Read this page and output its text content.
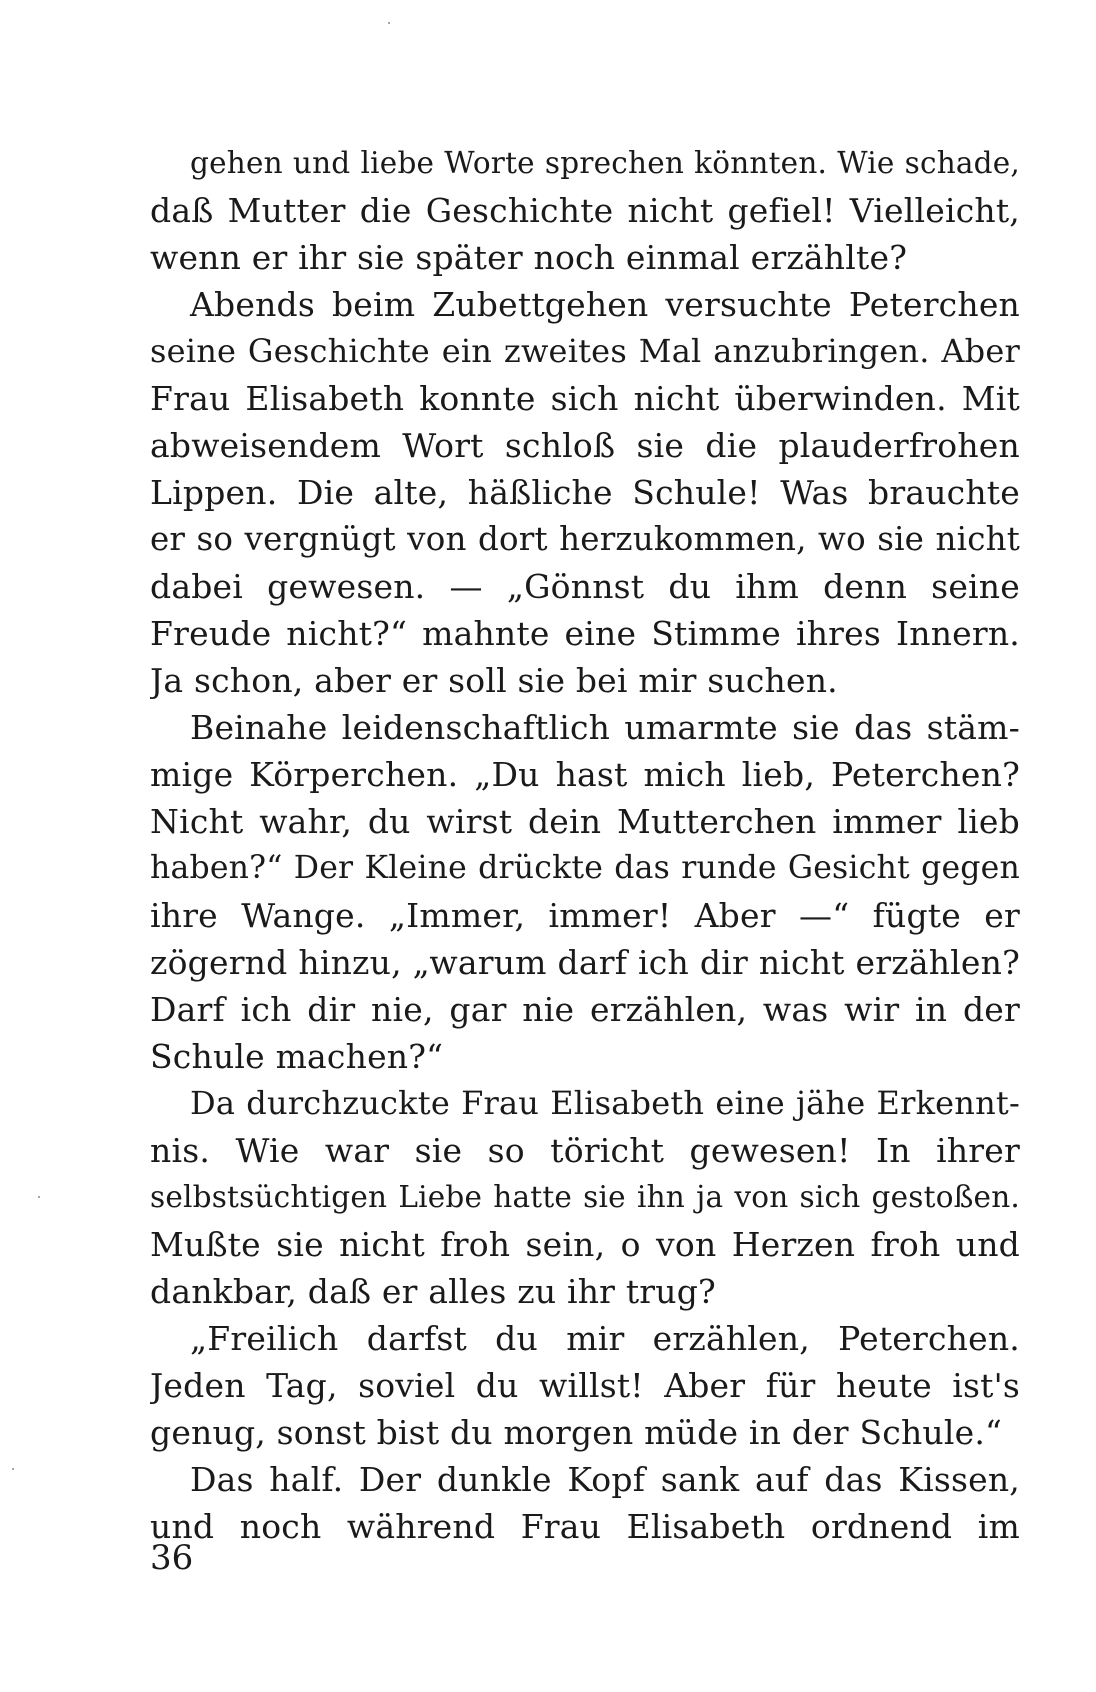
gehen und liebe Worte sprechen könnten. Wie schade,
daß Mutter die Geschichte nicht gefiel! Vielleicht,
wenn er ihr sie später noch einmal erzählte?
Abends beim Zubettgehen versuchte Peterchen
seine Geschichte ein zweites Mal anzubringen. Aber
Frau Elisabeth konnte sich nicht überwinden. Mit
abweisendem Wort schloß sie die plauderfrohen
Lippen. Die alte, häßliche Schule! Was brauchte
er so vergnügt von dort herzukommen, wo sie nicht
dabei gewesen. — „Gönnst du ihm denn seine
Freude nicht?“ mahnte eine Stimme ihres Innern.
Ja schon, aber er soll sie bei mir suchen.
Beinahe leidenschaftlich umarmte sie das stäm-
mige Körperchen. „Du hast mich lieb, Peterchen?
Nicht wahr, du wirst dein Mutterchen immer lieb
haben?“ Der Kleine drückte das runde Gesicht gegen
ihre Wange. „Immer, immer! Aber —“ fügte er
zögernd hinzu, „warum darf ich dir nicht erzählen?
Darf ich dir nie, gar nie erzählen, was wir in der
Schule machen?“
Da durchzuckte Frau Elisabeth eine jähe Erkennt-
nis. Wie war sie so töricht gewesen! In ihrer
selbstsüchtigen Liebe hatte sie ihn ja von sich gestoßen.
Mußte sie nicht froh sein, o von Herzen froh und
dankbar, daß er alles zu ihr trug?
„Freilich darfst du mir erzählen, Peterchen.
Jeden Tag, soviel du willst! Aber für heute ist's
genug, sonst bist du morgen müde in der Schule.“
Das half. Der dunkle Kopf sank auf das Kissen,
und noch während Frau Elisabeth ordnend im
36
